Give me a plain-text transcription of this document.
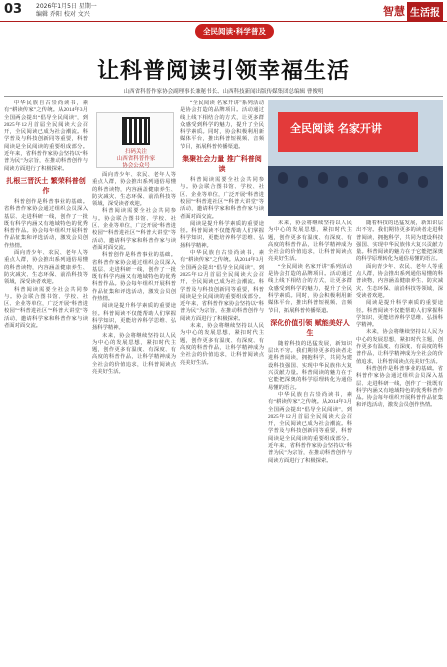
03 2026年1月5日 星期一
编辑 乔阳 校对 文兴	智慧 生活报
全民阅读·科学普及
让科普阅读引领幸福生活
山西省科普作家协会副理事长兼秘书长、山西科技新闻出版传媒集团总编辑 曹俊明

中华民族自古崇尚读书，素有“耕读传家”之传统。从2014年3月全国两会提出“倡导全民阅读”，到2025年12月首届全民阅读大会召开，全民阅读已成为社会潮流。科学普及与科技创新同等重要，科普阅读是全民阅读的重要组成部分。近年来，省科普作家协会坚持以“科普为民”为宗旨，在推动科普创作与阅读方面进行了积极探索。

扎根三晋沃土 繁荣科普创作

科普创作是科普事业的基础。省科普作家协会通过组织会员深入基层、走进科研一线，创作了一批既有科学内涵又有地域特色的优秀科普作品。协会每年组织开展科普作品征集和评选活动，激发会员创作热情。

面向青少年、农民、老年人等重点人群，协会推出系列通俗易懂的科普读物，内容涵盖健康养生、防灾减灾、生态环保、前沿科技等领域，深受读者欢迎。

科普阅读需要全社会共同参与。协会联合图书馆、学校、社区、企业等单位，广泛开展“科普进校园”“科普进社区”“科普大讲堂”等活动，邀请科学家和科普作家与读者面对面交流。

扫码关注
山西省科普作家
协会公众号

面向青少年、农民、老年人等重点人群，协会推出系列通俗易懂的科普读物，内容涵盖健康养生、防灾减灾、生态环保、前沿科技等领域，深受读者欢迎。

科普阅读需要全社会共同参与。协会联合图书馆、学校、社区、企业等单位，广泛开展“科普进校园”“科普进社区”“科普大讲堂”等活动，邀请科学家和科普作家与读者面对面交流。

科普创作是科普事业的基础。省科普作家协会通过组织会员深入基层、走进科研一线，创作了一批既有科学内涵又有地域特色的优秀科普作品。协会每年组织开展科普作品征集和评选活动，激发会员创作热情。

阅读是提升科学素质的重要途径。科普阅读不仅能帮助人们掌握科学知识，更能培养科学思维、弘扬科学精神。

未来，协会将继续坚持以人民为中心的发展思想，紧扣时代主题，创作更多有温度、有深度、有高度的科普作品，让科学精神成为全社会的价值追求，让科普阅读点亮美好生活。

“全民阅读 名家开讲”系列活动是协会打造的品牌项目。活动通过线上线下相结合的方式，让更多群众感受到科学的魅力，提升了全民科学素质。同时，协会积极利用新媒体平台，推出科普短视频、音频节目，拓展科普传播渠道。

集聚社会力量 推广科普阅读

科普阅读需要全社会共同参与。协会联合图书馆、学校、社区、企业等单位，广泛开展“科普进校园”“科普进社区”“科普大讲堂”等活动，邀请科学家和科普作家与读者面对面交流。

阅读是提升科学素质的重要途径。科普阅读不仅能帮助人们掌握科学知识，更能培养科学思维、弘扬科学精神。

中华民族自古崇尚读书，素有“耕读传家”之传统。从2014年3月全国两会提出“倡导全民阅读”，到2025年12月首届全民阅读大会召开，全民阅读已成为社会潮流。科学普及与科技创新同等重要，科普阅读是全民阅读的重要组成部分。近年来，省科普作家协会坚持以“科普为民”为宗旨，在推动科普创作与阅读方面进行了积极探索。

未来，协会将继续坚持以人民为中心的发展思想，紧扣时代主题，创作更多有温度、有深度、有高度的科普作品，让科学精神成为全社会的价值追求，让科普阅读点亮美好生活。

全民阅读 名家开讲

未来，协会将继续坚持以人民为中心的发展思想，紧扣时代主题，创作更多有温度、有深度、有高度的科普作品，让科学精神成为全社会的价值追求，让科普阅读点亮美好生活。

“全民阅读 名家开讲”系列活动是协会打造的品牌项目。活动通过线上线下相结合的方式，让更多群众感受到科学的魅力，提升了全民科学素质。同时，协会积极利用新媒体平台，推出科普短视频、音频节目，拓展科普传播渠道。

深化价值引领 赋能美好人生

随着科技的迅猛发展，新知识层出不穷。我们期待更多的读者走进科普阅读，拥抱科学，共同为建设科技强国、实现中华民族伟大复兴贡献力量。科普阅读的魅力在于它能把深奥的科学原理转化为通俗易懂的语言。

中华民族自古崇尚读书，素有“耕读传家”之传统。从2014年3月全国两会提出“倡导全民阅读”，到2025年12月首届全民阅读大会召开，全民阅读已成为社会潮流。科学普及与科技创新同等重要，科普阅读是全民阅读的重要组成部分。近年来，省科普作家协会坚持以“科普为民”为宗旨，在推动科普创作与阅读方面进行了积极探索。

随着科技的迅猛发展，新知识层出不穷。我们期待更多的读者走进科普阅读，拥抱科学，共同为建设科技强国、实现中华民族伟大复兴贡献力量。科普阅读的魅力在于它能把深奥的科学原理转化为通俗易懂的语言。

面向青少年、农民、老年人等重点人群，协会推出系列通俗易懂的科普读物，内容涵盖健康养生、防灾减灾、生态环保、前沿科技等领域，深受读者欢迎。

阅读是提升科学素质的重要途径。科普阅读不仅能帮助人们掌握科学知识，更能培养科学思维、弘扬科学精神。

未来，协会将继续坚持以人民为中心的发展思想，紧扣时代主题，创作更多有温度、有深度、有高度的科普作品，让科学精神成为全社会的价值追求，让科普阅读点亮美好生活。

科普创作是科普事业的基础。省科普作家协会通过组织会员深入基层、走进科研一线，创作了一批既有科学内涵又有地域特色的优秀科普作品。协会每年组织开展科普作品征集和评选活动，激发会员创作热情。
